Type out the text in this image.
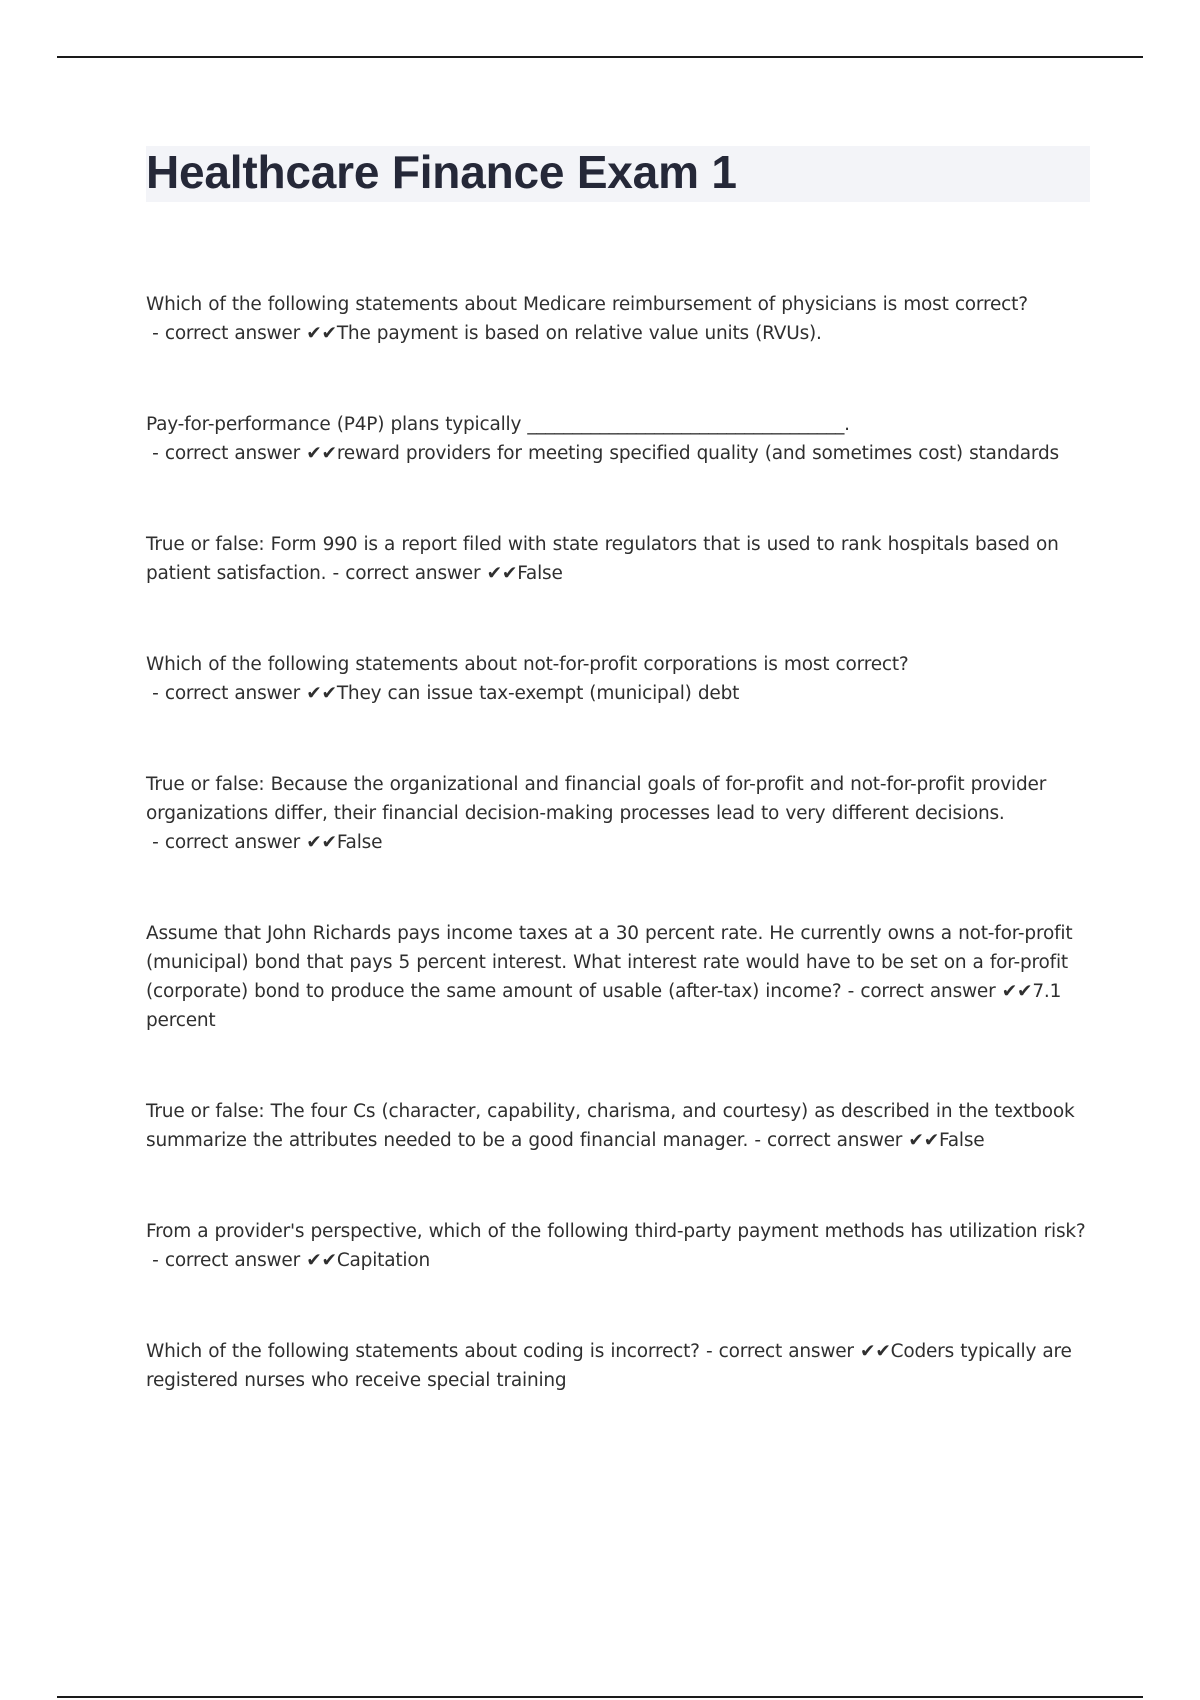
Healthcare Finance Exam 1

Which of the following statements about Medicare reimbursement of physicians is most correct? - correct answer ✔✔The payment is based on relative value units (RVUs).

Pay-for-performance (P4P) plans typically ___________________________________. - correct answer ✔✔reward providers for meeting specified quality (and sometimes cost) standards

True or false: Form 990 is a report filed with state regulators that is used to rank hospitals based on patient satisfaction. - correct answer ✔✔False

Which of the following statements about not-for-profit corporations is most correct? - correct answer ✔✔They can issue tax-exempt (municipal) debt

True or false: Because the organizational and financial goals of for-profit and not-for-profit provider organizations differ, their financial decision-making processes lead to very different decisions. - correct answer ✔✔False

Assume that John Richards pays income taxes at a 30 percent rate. He currently owns a not-for-profit (municipal) bond that pays 5 percent interest. What interest rate would have to be set on a for-profit (corporate) bond to produce the same amount of usable (after-tax) income? - correct answer ✔✔7.1 percent

True or false: The four Cs (character, capability, charisma, and courtesy) as described in the textbook summarize the attributes needed to be a good financial manager. - correct answer ✔✔False

From a provider's perspective, which of the following third-party payment methods has utilization risk? - correct answer ✔✔Capitation

Which of the following statements about coding is incorrect? - correct answer ✔✔Coders typically are registered nurses who receive special training
